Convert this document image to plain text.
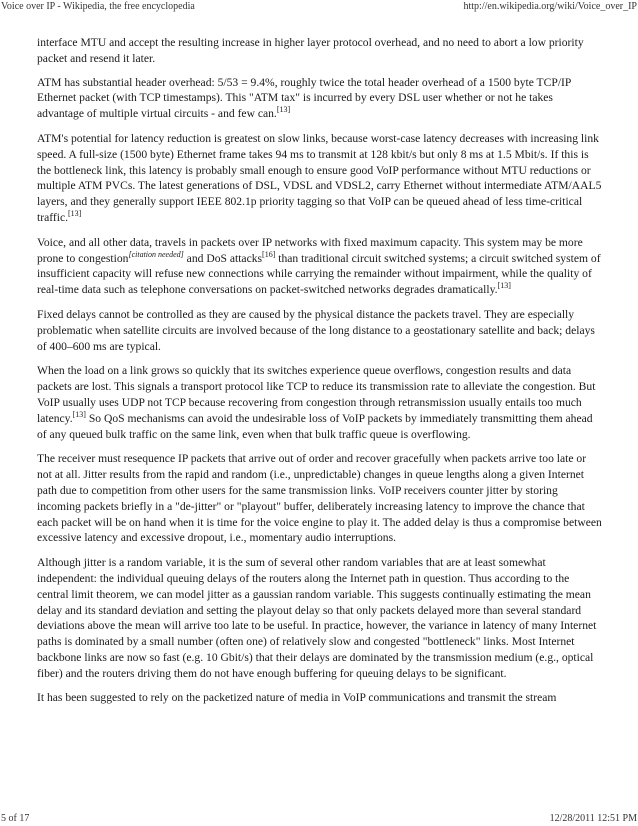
Voice over IP - Wikipedia, the free encyclopedia	http://en.wikipedia.org/wiki/Voice_over_IP

interface MTU and accept the resulting increase in higher layer protocol overhead, and no need to abort a low priority packet and resend it later.

ATM has substantial header overhead: 5/53 = 9.4%, roughly twice the total header overhead of a 1500 byte TCP/IP Ethernet packet (with TCP timestamps). This "ATM tax" is incurred by every DSL user whether or not he takes advantage of multiple virtual circuits - and few can.[13]

ATM's potential for latency reduction is greatest on slow links, because worst-case latency decreases with increasing link speed. A full-size (1500 byte) Ethernet frame takes 94 ms to transmit at 128 kbit/s but only 8 ms at 1.5 Mbit/s. If this is the bottleneck link, this latency is probably small enough to ensure good VoIP performance without MTU reductions or multiple ATM PVCs. The latest generations of DSL, VDSL and VDSL2, carry Ethernet without intermediate ATM/AAL5 layers, and they generally support IEEE 802.1p priority tagging so that VoIP can be queued ahead of less time-critical traffic.[13]

Voice, and all other data, travels in packets over IP networks with fixed maximum capacity. This system may be more prone to congestion[citation needed] and DoS attacks[16] than traditional circuit switched systems; a circuit switched system of insufficient capacity will refuse new connections while carrying the remainder without impairment, while the quality of real-time data such as telephone conversations on packet-switched networks degrades dramatically.[13]

Fixed delays cannot be controlled as they are caused by the physical distance the packets travel. They are especially problematic when satellite circuits are involved because of the long distance to a geostationary satellite and back; delays of 400–600 ms are typical.

When the load on a link grows so quickly that its switches experience queue overflows, congestion results and data packets are lost. This signals a transport protocol like TCP to reduce its transmission rate to alleviate the congestion. But VoIP usually uses UDP not TCP because recovering from congestion through retransmission usually entails too much latency.[13] So QoS mechanisms can avoid the undesirable loss of VoIP packets by immediately transmitting them ahead of any queued bulk traffic on the same link, even when that bulk traffic queue is overflowing.

The receiver must resequence IP packets that arrive out of order and recover gracefully when packets arrive too late or not at all. Jitter results from the rapid and random (i.e., unpredictable) changes in queue lengths along a given Internet path due to competition from other users for the same transmission links. VoIP receivers counter jitter by storing incoming packets briefly in a "de-jitter" or "playout" buffer, deliberately increasing latency to improve the chance that each packet will be on hand when it is time for the voice engine to play it. The added delay is thus a compromise between excessive latency and excessive dropout, i.e., momentary audio interruptions.

Although jitter is a random variable, it is the sum of several other random variables that are at least somewhat independent: the individual queuing delays of the routers along the Internet path in question. Thus according to the central limit theorem, we can model jitter as a gaussian random variable. This suggests continually estimating the mean delay and its standard deviation and setting the playout delay so that only packets delayed more than several standard deviations above the mean will arrive too late to be useful. In practice, however, the variance in latency of many Internet paths is dominated by a small number (often one) of relatively slow and congested "bottleneck" links. Most Internet backbone links are now so fast (e.g. 10 Gbit/s) that their delays are dominated by the transmission medium (e.g., optical fiber) and the routers driving them do not have enough buffering for queuing delays to be significant.

It has been suggested to rely on the packetized nature of media in VoIP communications and transmit the stream

5 of 17	12/28/2011 12:51 PM
